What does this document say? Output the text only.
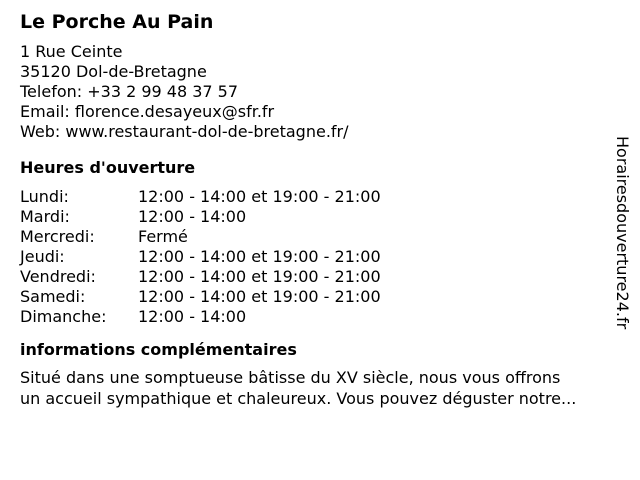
Le Porche Au Pain
1 Rue Ceinte
35120 Dol-de-Bretagne
Telefon: +33 2 99 48 37 57
Email: florence.desayeux@sfr.fr
Web: www.restaurant-dol-de-bretagne.fr/
Heures d'ouverture
Lundi:	12:00 - 14:00 et 19:00 - 21:00
Mardi:	12:00 - 14:00
Mercredi:	Fermé
Jeudi:	12:00 - 14:00 et 19:00 - 21:00
Vendredi:	12:00 - 14:00 et 19:00 - 21:00
Samedi:	12:00 - 14:00 et 19:00 - 21:00
Dimanche:	12:00 - 14:00
informations complémentaires
Situé dans une somptueuse bâtisse du XV siècle, nous vous offrons
un accueil sympathique et chaleureux. Vous pouvez déguster notre...
Horairesdouverture24.fr
